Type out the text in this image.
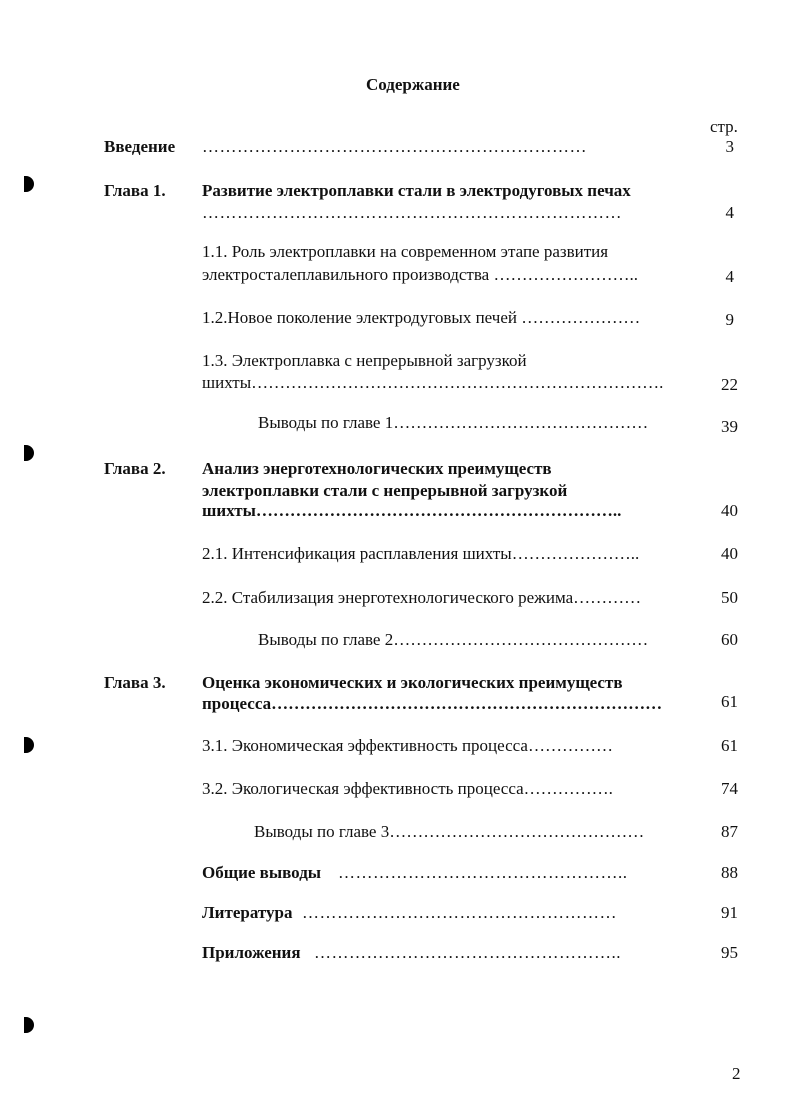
Содержание
стр.
Введение …………………………………………………………	3
Глава 1. Развитие электроплавки стали в электродуговых печах
………………………………………………………………	4
1.1. Роль электроплавки на современном этапе развития
электросталеплавильного производства ……………………..	4
1.2.Новое поколение электродуговых печей …………………	9
1.3. Электроплавка с непрерывной загрузкой
шихты……………………………………………………………….	22
Выводы по главе 1………………………………………	39
Глава 2. Анализ энерготехнологических преимуществ
электроплавки стали с непрерывной загрузкой
шихты………………………………………………………..	40
2.1. Интенсификация расплавления шихты…………………..	40
2.2. Стабилизация энерготехнологического режима…………	50
Выводы по главе 2………………………………………	60
Глава 3. Оценка экономических и экологических преимуществ
процесса……………………………………………………………	61
3.1. Экономическая эффективность процесса……………	61
3.2. Экологическая эффективность процесса…………….	74
Выводы по главе 3………………………………………	87
Общие выводы …………………………………………..	88
Литература ………………………………………………	91
Приложения ……………………………………………..	95
2
